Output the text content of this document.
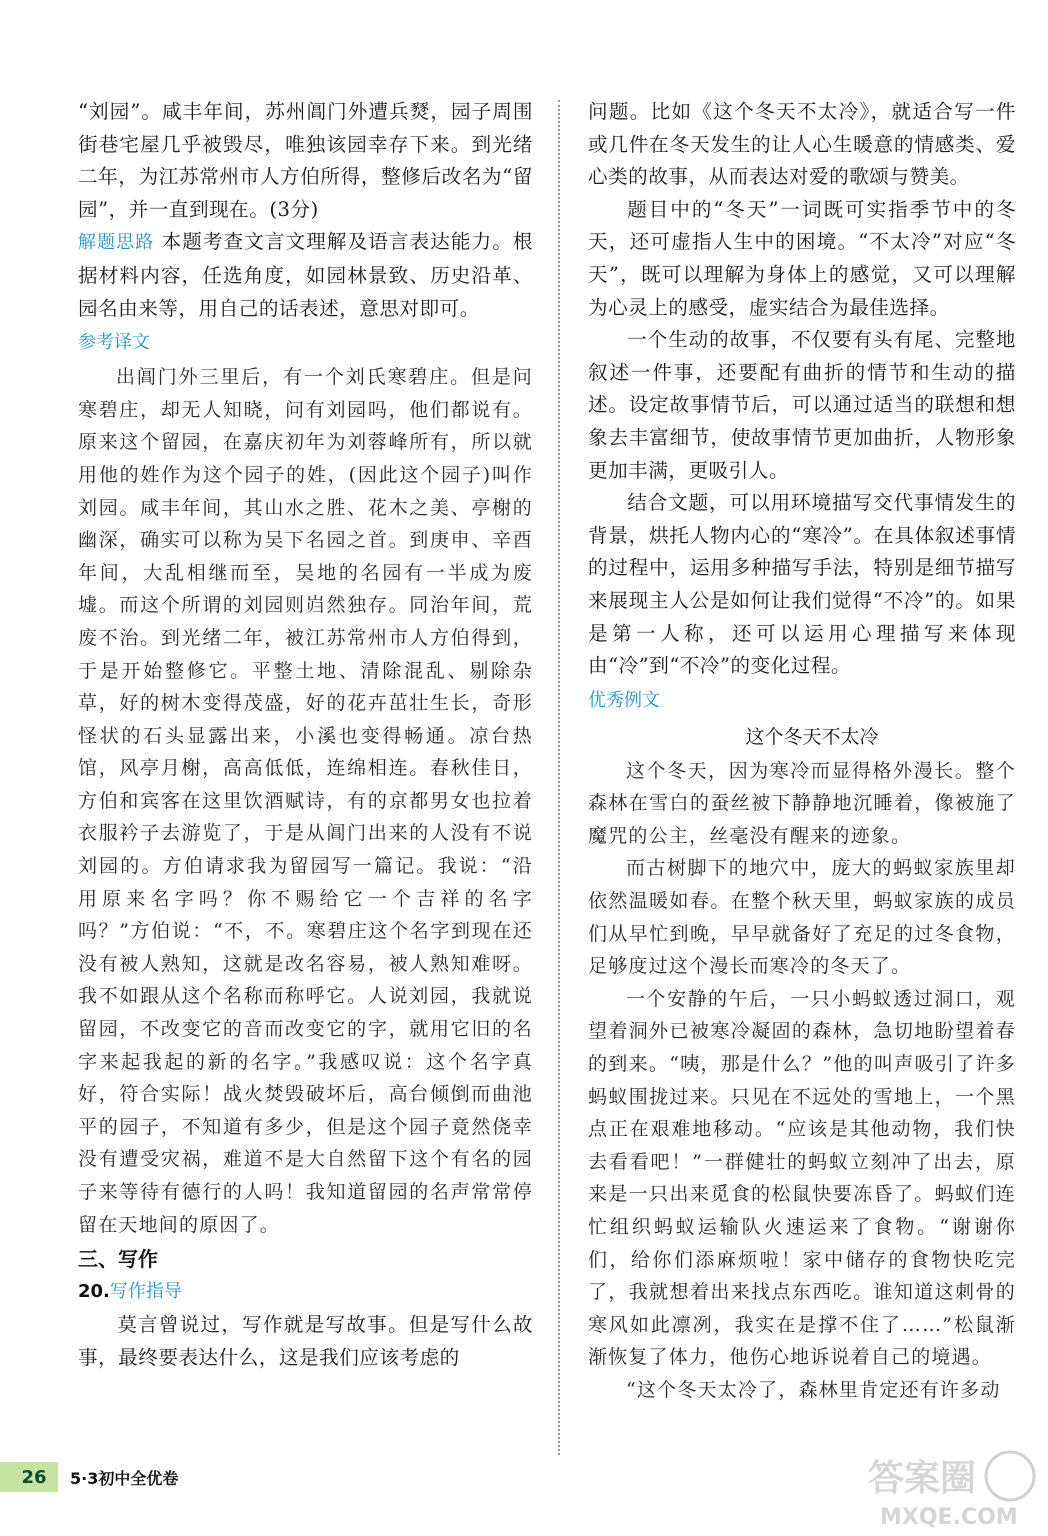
“刘园”。咸丰年间，苏州阊门外遭兵燹，园子周围街巷宅屋几乎被毁尽，唯独该园幸存下来。到光绪二年，为江苏常州市人方伯所得，整修后改名为“留园”，并一直到现在。(3分)

解题思路 本题考查文言文理解及语言表达能力。根据材料内容，任选角度，如园林景致、历史沿革、园名由来等，用自己的话表述，意思对即可。

参考译文

出阊门外三里后，有一个刘氏寒碧庄。但是问寒碧庄，却无人知晓，问有刘园吗，他们都说有。原来这个留园，在嘉庆初年为刘蓉峰所有，所以就用他的姓作为这个园子的姓，(因此这个园子)叫作刘园。咸丰年间，其山水之胜、花木之美、亭榭的幽深，确实可以称为吴下名园之首。到庚申、辛酉年间，大乱相继而至，吴地的名园有一半成为废墟。而这个所谓的刘园则岿然独存。同治年间，荒废不治。到光绪二年，被江苏常州市人方伯得到，于是开始整修它。平整土地、清除混乱、剔除杂草，好的树木变得茂盛，好的花卉茁壮生长，奇形怪状的石头显露出来，小溪也变得畅通。凉台热馆，风亭月榭，高高低低，连绵相连。春秋佳日，方伯和宾客在这里饮酒赋诗，有的京都男女也拉着衣服衿子去游览了，于是从阊门出来的人没有不说刘园的。方伯请求我为留园写一篇记。我说：“沿用原来名字吗？你不赐给它一个吉祥的名字吗？”方伯说：“不，不。寒碧庄这个名字到现在还没有被人熟知，这就是改名容易，被人熟知难呀。我不如跟从这个名称而称呼它。人说刘园，我就说留园，不改变它的音而改变它的字，就用它旧的名字来起我起的新的名字。”我感叹说：这个名字真好，符合实际！战火焚毁破坏后，高台倾倒而曲池平的园子，不知道有多少，但是这个园子竟然侥幸没有遭受灾祸，难道不是大自然留下这个有名的园子来等待有德行的人吗！我知道留园的名声常常停留在天地间的原因了。

三、写作
20.写作指导

莫言曾说过，写作就是写故事。但是写什么故事，最终要表达什么，这是我们应该考虑的

问题。比如《这个冬天不太冷》，就适合写一件或几件在冬天发生的让人心生暖意的情感类、爱心类的故事，从而表达对爱的歌颂与赞美。

题目中的“冬天”一词既可实指季节中的冬天，还可虚指人生中的困境。“不太冷”对应“冬天”，既可以理解为身体上的感觉，又可以理解为心灵上的感受，虚实结合为最佳选择。

一个生动的故事，不仅要有头有尾、完整地叙述一件事，还要配有曲折的情节和生动的描述。设定故事情节后，可以通过适当的联想和想象去丰富细节，使故事情节更加曲折，人物形象更加丰满，更吸引人。

结合文题，可以用环境描写交代事情发生的背景，烘托人物内心的“寒冷”。在具体叙述事情的过程中，运用多种描写手法，特别是细节描写来展现主人公是如何让我们觉得“不冷”的。如果是第一人称，还可以运用心理描写来体现由“冷”到“不冷”的变化过程。

优秀例文
这个冬天不太冷

这个冬天，因为寒冷而显得格外漫长。整个森林在雪白的蚕丝被下静静地沉睡着，像被施了魔咒的公主，丝毫没有醒来的迹象。

而古树脚下的地穴中，庞大的蚂蚁家族里却依然温暖如春。在整个秋天里，蚂蚁家族的成员们从早忙到晚，早早就备好了充足的过冬食物，足够度过这个漫长而寒冷的冬天了。

一个安静的午后，一只小蚂蚁透过洞口，观望着洞外已被寒冷凝固的森林，急切地盼望着春的到来。“咦，那是什么？”他的叫声吸引了许多蚂蚁围拢过来。只见在不远处的雪地上，一个黑点正在艰难地移动。“应该是其他动物，我们快去看看吧！”一群健壮的蚂蚁立刻冲了出去，原来是一只出来觅食的松鼠快要冻昏了。蚂蚁们连忙组织蚂蚁运输队火速运来了食物。“谢谢你们，给你们添麻烦啦！家中储存的食物快吃完了，我就想着出来找点东西吃。谁知道这刺骨的寒风如此凛冽，我实在是撑不住了……”松鼠渐渐恢复了体力，他伤心地诉说着自己的境遇。

“这个冬天太冷了，森林里肯定还有许多动

26	5·3初中全优卷	答案圈
MXQE.COM
